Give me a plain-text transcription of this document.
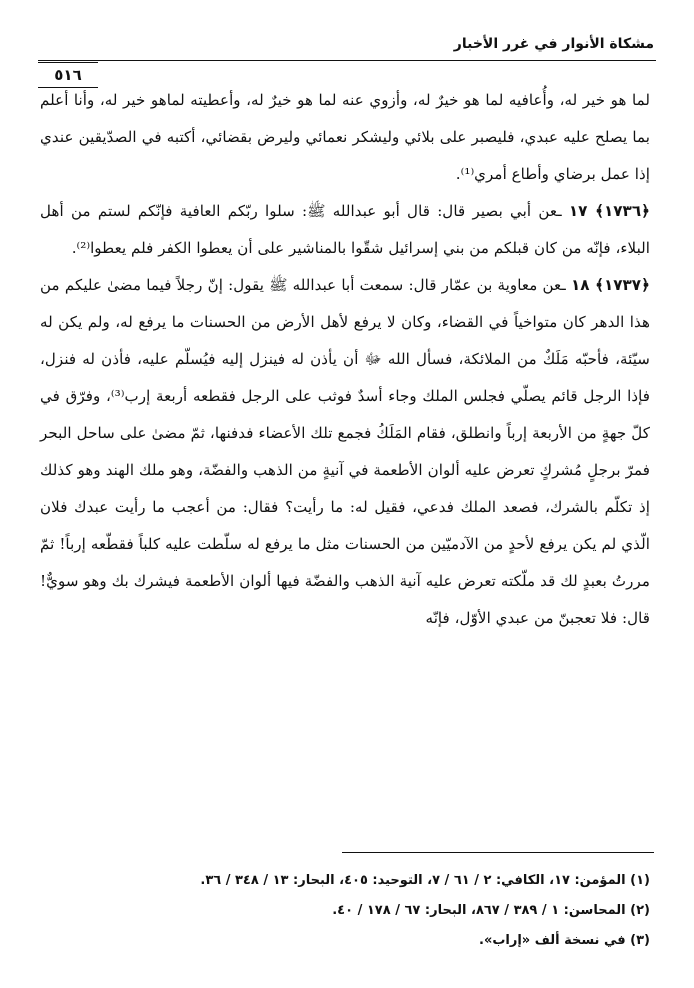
مشكاة الأنوار في غرر الأخبار
٥١٦

لما هو خير له، وأُعافيه لما هو خيرٌ له، وأزوي عنه لما هو خيرٌ له، وأعطيته لماهو خير له، وأنا أعلم بما يصلح عليه عبدي، فليصبر على بلائي وليشكر نعمائي وليرض بقضائي، أكتبه في الصدّيقين عندي إذا عمل برضاي وأطاع أمري⁽¹⁾.

﴿١٧٣٦﴾ ١٧ ـعن أبي بصير قال: قال أبو عبدالله ﷺ: سلوا ربّكم العافية فإنّكم لستم من أهل البلاء، فإنّه من كان قبلكم من بني إسرائيل شقّوا بالمناشير على أن يعطوا الكفر فلم يعطوا⁽²⁾.

﴿١٧٣٧﴾ ١٨ ـعن معاوية بن عمّار قال: سمعت أبا عبدالله ﷺ يقول: إنّ رجلاً فيما مضىٰ عليكم من هذا الدهر كان متواخياً في القضاء، وكان لا يرفع لأهل الأرض من الحسنات ما يرفع له، ولم يكن له سيّئة، فأحبّه مَلَكٌ من الملائكة، فسأل الله ﷻ أن يأذن له فينزل إليه فيُسلّم عليه، فأذن له فنزل، فإذا الرجل قائم يصلّي فجلس الملك وجاء أسدٌ فوثب على الرجل فقطعه أربعة إرب⁽³⁾، وفرّق في كلّ جهةٍ من الأربعة إرباً وانطلق، فقام المَلَكُ فجمع تلك الأعضاء فدفنها، ثمّ مضىٰ على ساحل البحر فمرّ برجلٍ مُشركٍ تعرض عليه ألوان الأطعمة في آنيةٍ من الذهب والفضّة، وهو ملك الهند وهو كذلك إذ تكلّم بالشرك، فصعد الملك فدعي، فقيل له: ما رأيت؟ فقال: من أعجب ما رأيت عبدك فلان الّذي لم يكن يرفع لأحدٍ من الآدميّين من الحسنات مثل ما يرفع له سلّطت عليه كلباً فقطّعه إرباً! ثمّ مررتُ بعبدٍ لك قد ملّكته تعرض عليه آنية الذهب والفضّة فيها ألوان الأطعمة فيشرك بك وهو سويٌّ! قال: فلا تعجبنّ من عبدي الأوّل، فإنّه

(١) المؤمن: ١٧، الكافي: ٢ / ٦١ / ٧، التوحيد: ٤٠٥، البحار: ١٣ / ٣٤٨ / ٣٦.

(٢) المحاسن: ١ / ٣٨٩ / ٨٦٧، البحار: ٦٧ / ١٧٨ / ٤٠.

(٣) في نسخة ألف «إراب».
